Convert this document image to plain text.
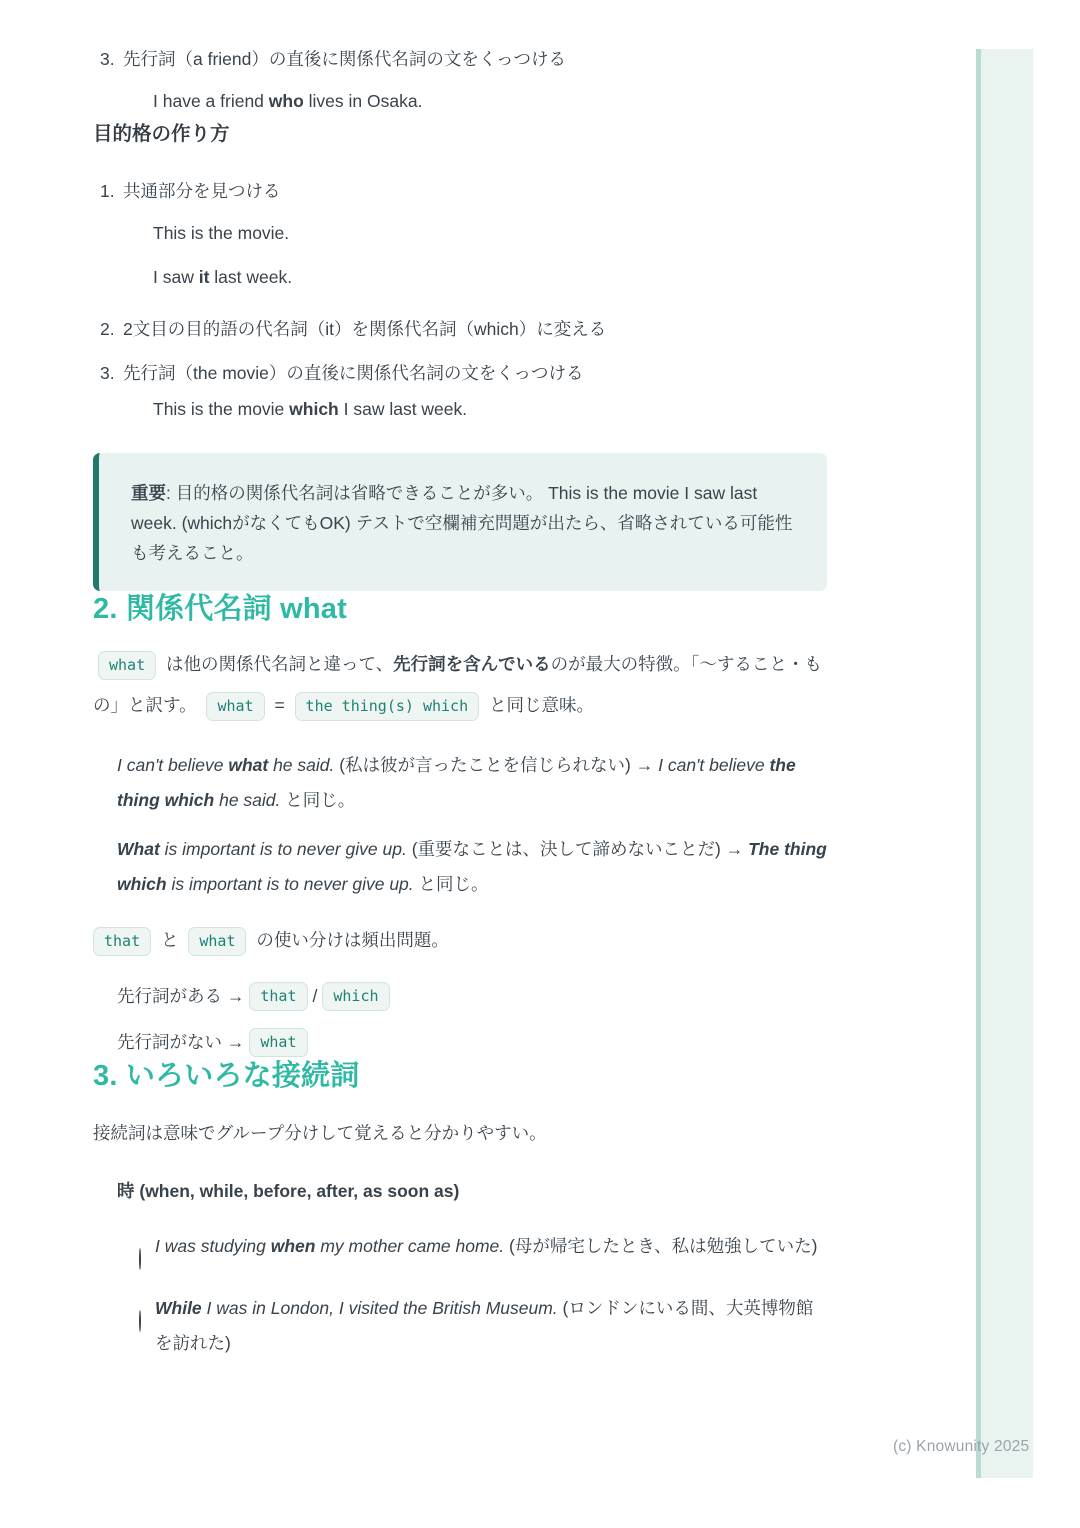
3. 先行詞（a friend）の直後に関係代名詞の文をくっつける
I have a friend who lives in Osaka.
目的格の作り方
1. 共通部分を見つける
This is the movie.
I saw it last week.
2. 2文目の目的語の代名詞（it）を関係代名詞（which）に変える
3. 先行詞（the movie）の直後に関係代名詞の文をくっつける
This is the movie which I saw last week.
重要: 目的格の関係代名詞は省略できることが多い。 This is the movie I saw last week. (whichがなくてもOK) テストで空欄補充問題が出たら、省略されている可能性も考えること。
2. 関係代名詞 what

what は他の関係代名詞と違って、先行詞を含んでいるのが最大の特徴。「～すること・もの」と訳す。 what = the thing(s) which と同じ意味。

I can't believe what he said. (私は彼が言ったことを信じられない) → I can't believe the thing which he said. と同じ。
What is important is to never give up. (重要なことは、決して諦めないことだ) → The thing which is important is to never give up. と同じ。

that と what の使い分けは頻出問題。

先行詞がある →	that /	which
先行詞がない →	what
3. いろいろな接続詞

接続詞は意味でグループ分けして覚えると分かりやすい。

時 (when, while, before, after, as soon as)
I was studying when my mother came home. (母が帰宅したとき、私は勉強していた)
While I was in London, I visited the British Museum. (ロンドンにいる間、大英博物館を訪れた)
(c) Knowunity 2025
